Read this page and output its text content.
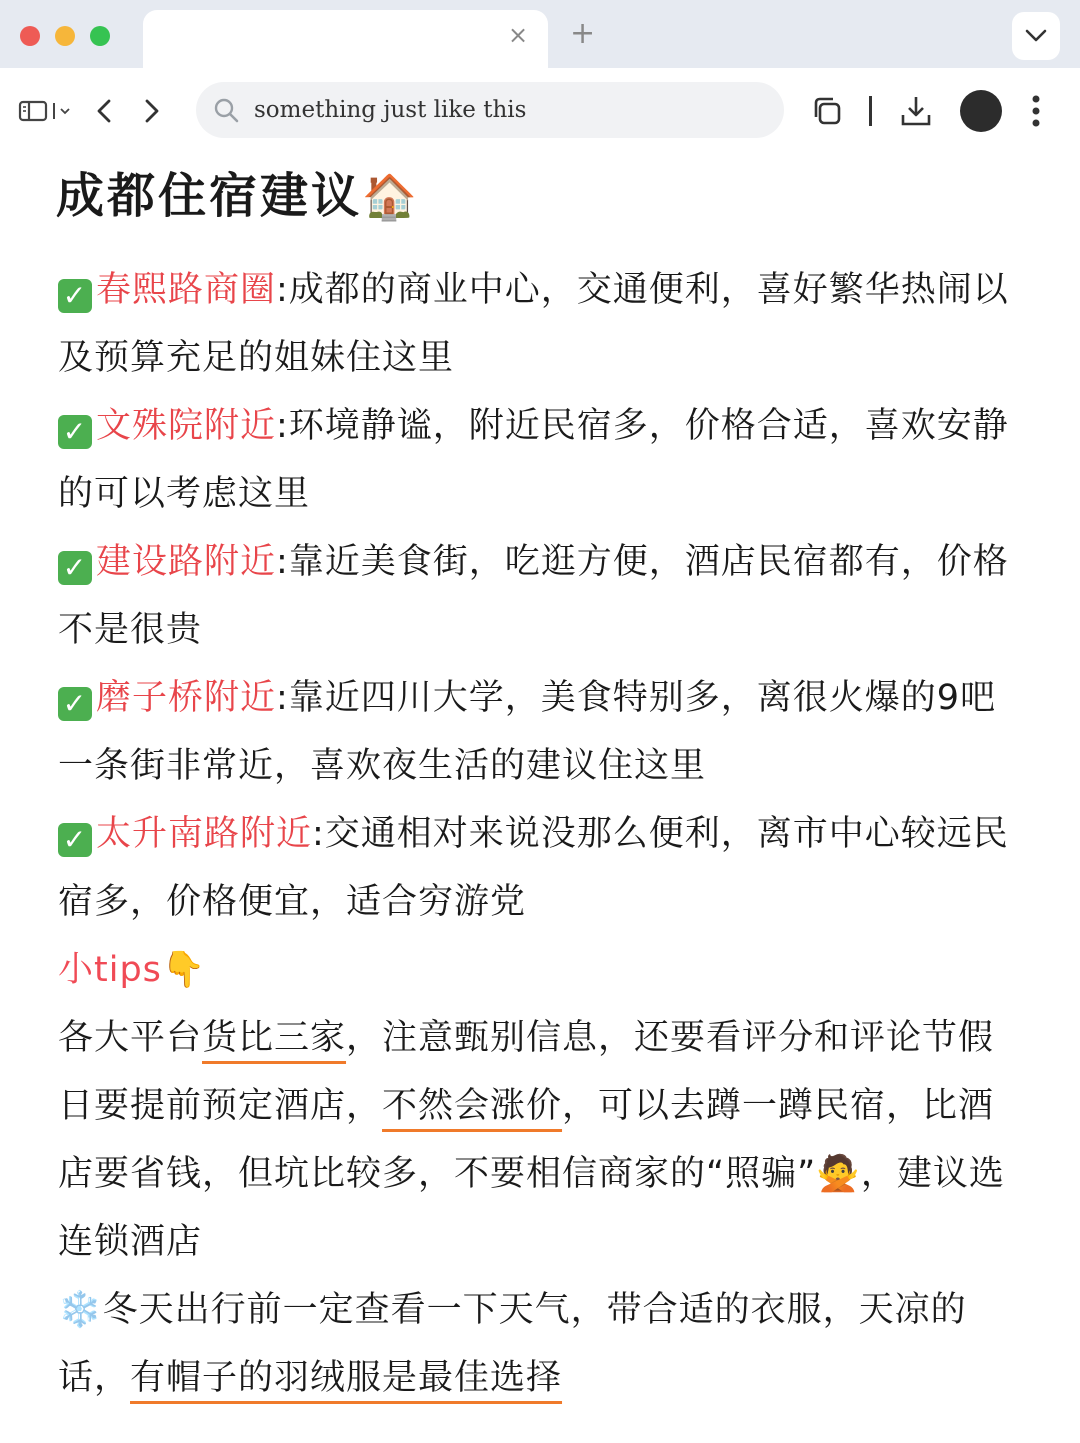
× +
something just like this
成都住宿建议🏠
✓ 春熙路商圈:成都的商业中心，交通便利，喜好繁华热闹以及预算充足的姐妹住这里
✓ 文殊院附近:环境静谧，附近民宿多，价格合适，喜欢安静的可以考虑这里
✓ 建设路附近:靠近美食街，吃逛方便，酒店民宿都有，价格不是很贵
✓ 磨子桥附近:靠近四川大学，美食特别多，离很火爆的9吧一条街非常近，喜欢夜生活的建议住这里
✓ 太升南路附近:交通相对来说没那么便利，离市中心较远民宿多，价格便宜，适合穷游党
小tips👇
各大平台货比三家，注意甄别信息，还要看评分和评论节假日要提前预定酒店，不然会涨价，可以去蹲一蹲民宿，比酒店要省钱，但坑比较多，不要相信商家的“照骗”🙅，建议选连锁酒店
❄️冬天出行前一定查看一下天气，带合适的衣服，天凉的话，有帽子的羽绒服是最佳选择
